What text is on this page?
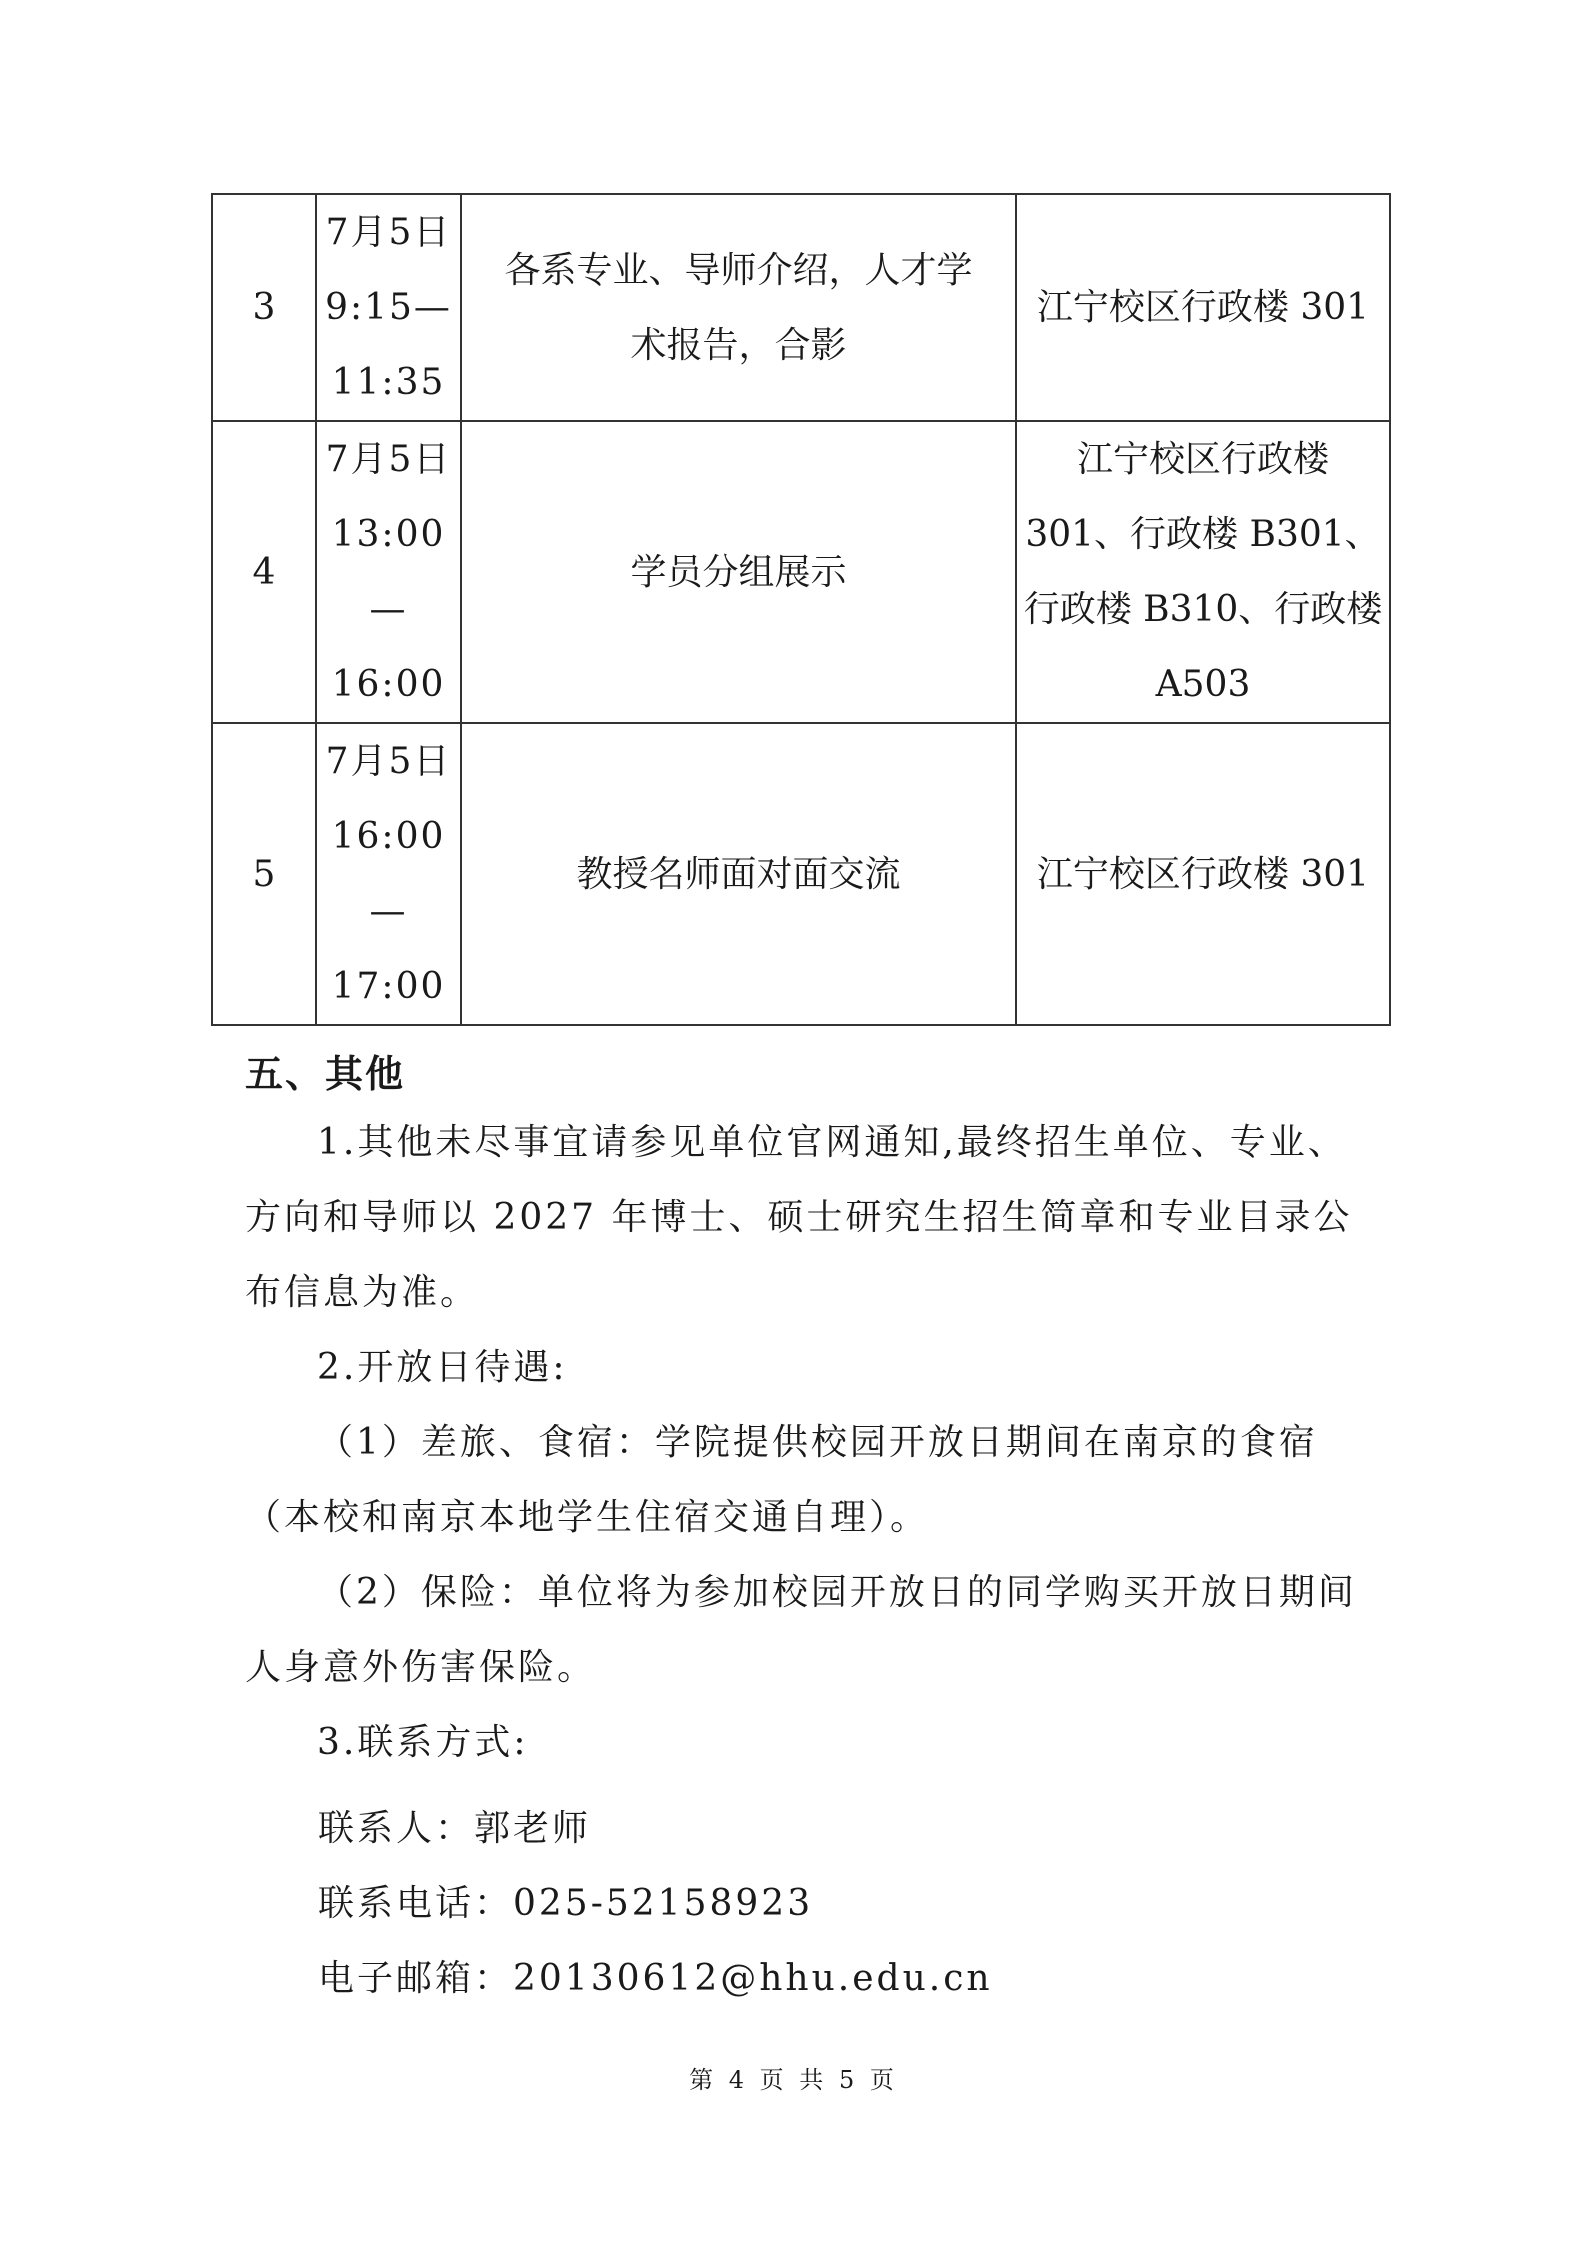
3	7月5日
9:15—
11:35	各系专业、导师介绍，人才学
术报告，合影	江宁校区行政楼 301

4	7月5日
13:00
—
16:00	学员分组展示	江宁校区行政楼
301、行政楼 B301、
行政楼 B310、行政楼
A503

5	7月5日
16:00
—
17:00	教授名师面对面交流	江宁校区行政楼 301
五、其他
1.其他未尽事宜请参见单位官网通知,最终招生单位、专业、方向和导师以 2027 年博士、硕士研究生招生简章和专业目录公布信息为准。
2.开放日待遇:
（1）差旅、食宿：学院提供校园开放日期间在南京的食宿（本校和南京本地学生住宿交通自理）。
（2）保险：单位将为参加校园开放日的同学购买开放日期间人身意外伤害保险。
3.联系方式:
联系人：郭老师
联系电话：025-52158923
电子邮箱：20130612@hhu.edu.cn
第 4 页 共 5 页
